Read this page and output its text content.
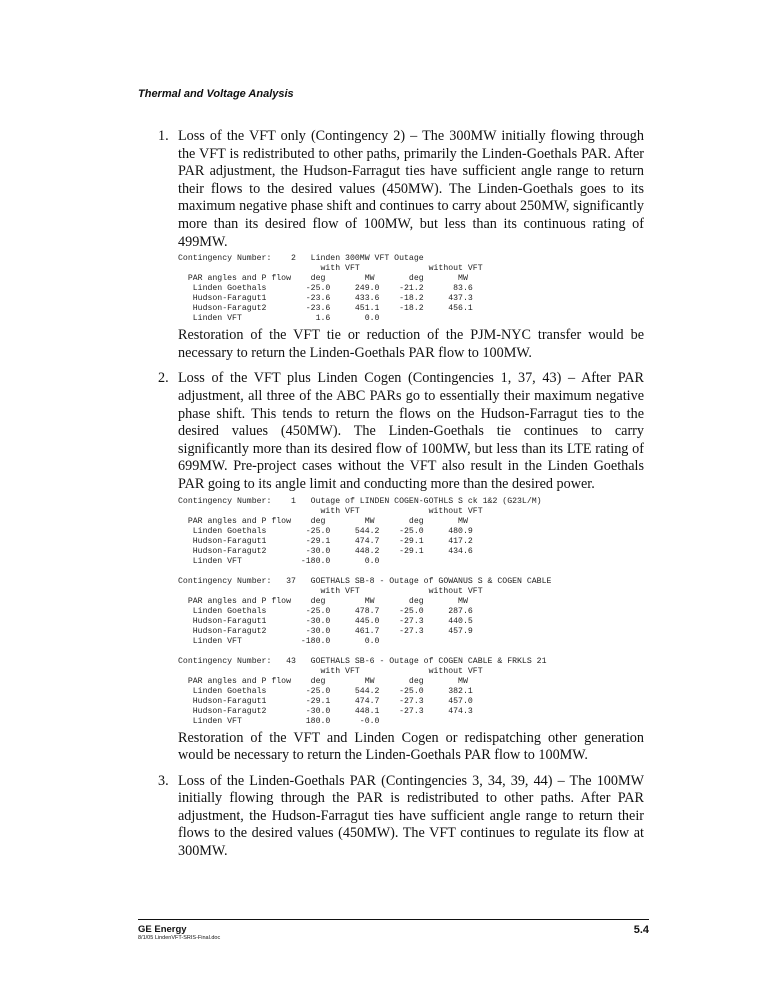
Thermal and Voltage Analysis
1. Loss of the VFT only (Contingency 2) – The 300MW initially flowing through the VFT is redistributed to other paths, primarily the Linden-Goethals PAR. After PAR adjustment, the Hudson-Farragut ties have sufficient angle range to return their flows to the desired values (450MW). The Linden-Goethals goes to its maximum negative phase shift and continues to carry about 250MW, significantly more than its desired flow of 100MW, but less than its continuous rating of 499MW.

Contingency Number:    2   Linden 300MW VFT Outage
with VFT              without VFT
PAR angles and P flow    deg        MW       deg       MW
Linden Goethals        -25.0     249.0    -21.2      83.6
Hudson-Faragut1        -23.6     433.6    -18.2     437.3
Hudson-Faragut2        -23.6     451.1    -18.2     456.1
Linden VFT               1.6       0.0

Restoration of the VFT tie or reduction of the PJM-NYC transfer would be necessary to return the Linden-Goethals PAR flow to 100MW.

2. Loss of the VFT plus Linden Cogen (Contingencies 1, 37, 43) – After PAR adjustment, all three of the ABC PARs go to essentially their maximum negative phase shift. This tends to return the flows on the Hudson-Farragut ties to the desired values (450MW). The Linden-Goethals tie continues to carry significantly more than its desired flow of 100MW, but less than its LTE rating of 699MW. Pre-project cases without the VFT also result in the Linden Goethals PAR going to its angle limit and conducting more than the desired power.

Contingency Number:    1   Outage of LINDEN COGEN-GOTHLS S ck 1&2 (G23L/M)
with VFT              without VFT
PAR angles and P flow    deg        MW       deg       MW
Linden Goethals        -25.0     544.2    -25.0     480.9
Hudson-Faragut1        -29.1     474.7    -29.1     417.2
Hudson-Faragut2        -30.0     448.2    -29.1     434.6
Linden VFT            -180.0       0.0
Contingency Number:   37   GOETHALS SB-8 - Outage of GOWANUS S & COGEN CABLE
with VFT              without VFT
PAR angles and P flow    deg        MW       deg       MW
Linden Goethals        -25.0     478.7    -25.0     287.6
Hudson-Faragut1        -30.0     445.0    -27.3     440.5
Hudson-Faragut2        -30.0     461.7    -27.3     457.9
Linden VFT            -180.0       0.0
Contingency Number:   43   GOETHALS SB-6 - Outage of COGEN CABLE & FRKLS 21
with VFT              without VFT
PAR angles and P flow    deg        MW       deg       MW
Linden Goethals        -25.0     544.2    -25.0     382.1
Hudson-Faragut1        -29.1     474.7    -27.3     457.0
Hudson-Faragut2        -30.0     448.1    -27.3     474.3
Linden VFT             180.0      -0.0

Restoration of the VFT and Linden Cogen or redispatching other generation would be necessary to return the Linden-Goethals PAR flow to 100MW.

3. Loss of the Linden-Goethals PAR (Contingencies 3, 34, 39, 44) – The 100MW initially flowing through the PAR is redistributed to other paths. After PAR adjustment, the Hudson-Farragut ties have sufficient angle range to return their flows to the desired values (450MW). The VFT continues to regulate its flow at 300MW.

GE Energy
8/1/05 LindenVFT-SRIS-Final.doc
5.4
